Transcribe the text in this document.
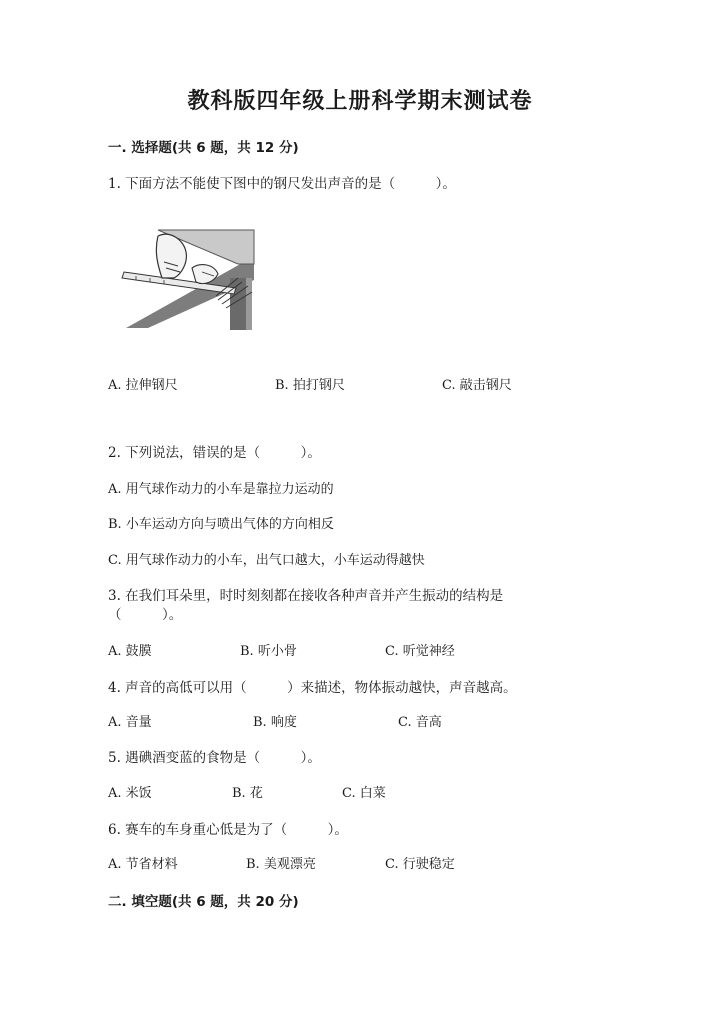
教科版四年级上册科学期末测试卷
一. 选择题(共 6 题，共 12 分)
1. 下面方法不能使下图中的钢尺发出声音的是（　　　）。
A. 拉伸钢尺	B. 拍打钢尺	C. 敲击钢尺
2. 下列说法，错误的是（　　　）。
A. 用气球作动力的小车是靠拉力运动的
B. 小车运动方向与喷出气体的方向相反
C. 用气球作动力的小车，出气口越大，小车运动得越快
3. 在我们耳朵里，时时刻刻都在接收各种声音并产生振动的结构是
（　　　）。
A. 鼓膜	B. 听小骨	C. 听觉神经
4. 声音的高低可以用（　　　）来描述，物体振动越快，声音越高。
A. 音量	B. 响度	C. 音高
5. 遇碘酒变蓝的食物是（　　　）。
A. 米饭	B. 花	C. 白菜
6. 赛车的车身重心低是为了（　　　）。
A. 节省材料	B. 美观漂亮	C. 行驶稳定
二. 填空题(共 6 题，共 20 分)
